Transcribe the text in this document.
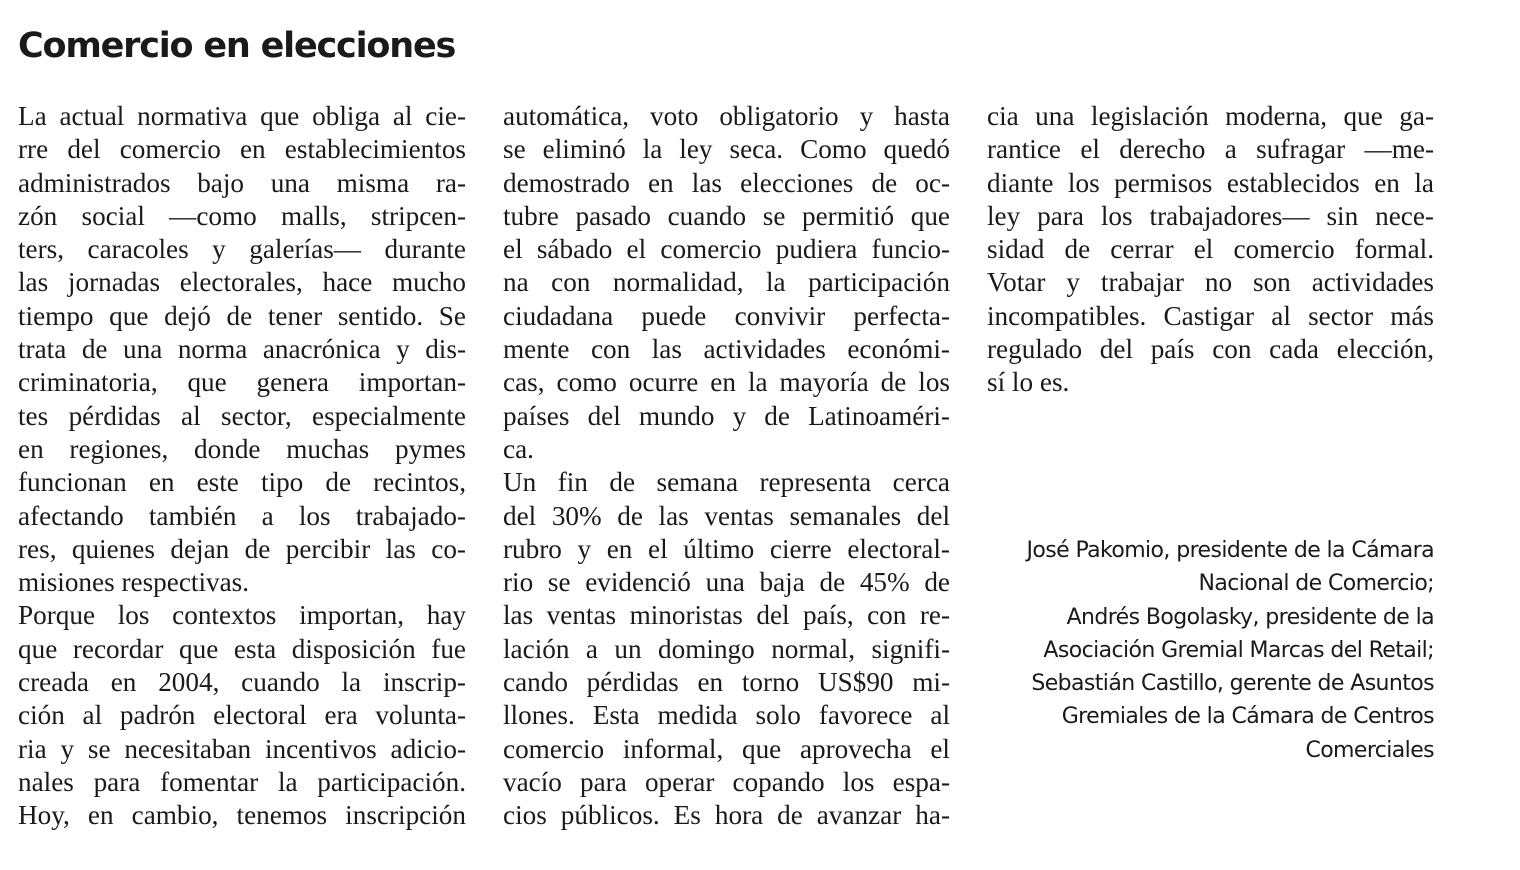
Comercio en elecciones
La actual normativa que obliga al cie-
rre del comercio en establecimientos
administrados bajo una misma ra-
zón social —como malls, stripcen-
ters, caracoles y galerías— durante
las jornadas electorales, hace mucho
tiempo que dejó de tener sentido. Se
trata de una norma anacrónica y dis-
criminatoria, que genera importan-
tes pérdidas al sector, especialmente
en regiones, donde muchas pymes
funcionan en este tipo de recintos,
afectando también a los trabajado-
res, quienes dejan de percibir las co-
misiones respectivas.
Porque los contextos importan, hay
que recordar que esta disposición fue
creada en 2004, cuando la inscrip-
ción al padrón electoral era volunta-
ria y se necesitaban incentivos adicio-
nales para fomentar la participación.
Hoy, en cambio, tenemos inscripción
automática, voto obligatorio y hasta
se eliminó la ley seca. Como quedó
demostrado en las elecciones de oc-
tubre pasado cuando se permitió que
el sábado el comercio pudiera funcio-
na con normalidad, la participación
ciudadana puede convivir perfecta-
mente con las actividades económi-
cas, como ocurre en la mayoría de los
países del mundo y de Latinoaméri-
ca.
Un fin de semana representa cerca
del 30% de las ventas semanales del
rubro y en el último cierre electoral-
rio se evidenció una baja de 45% de
las ventas minoristas del país, con re-
lación a un domingo normal, signifi-
cando pérdidas en torno US$90 mi-
llones. Esta medida solo favorece al
comercio informal, que aprovecha el
vacío para operar copando los espa-
cios públicos. Es hora de avanzar ha-
cia una legislación moderna, que ga-
rantice el derecho a sufragar —me-
diante los permisos establecidos en la
ley para los trabajadores— sin nece-
sidad de cerrar el comercio formal.
Votar y trabajar no son actividades
incompatibles. Castigar al sector más
regulado del país con cada elección,
sí lo es.
José Pakomio, presidente de la Cámara
Nacional de Comercio;
Andrés Bogolasky, presidente de la
Asociación Gremial Marcas del Retail;
Sebastián Castillo, gerente de Asuntos
Gremiales de la Cámara de Centros
Comerciales
